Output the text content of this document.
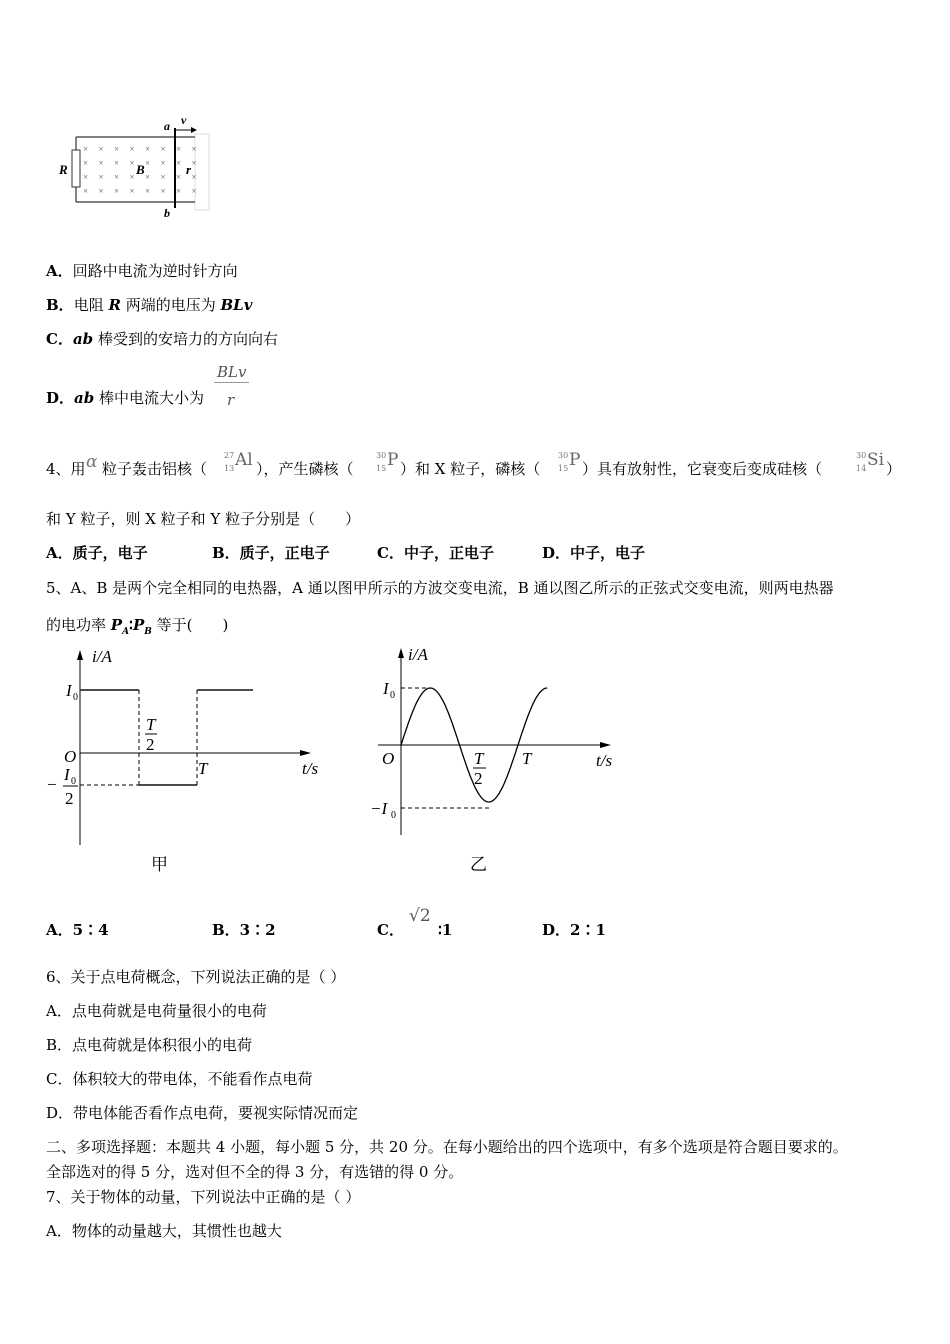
× × × × × × × ×
× × × × × × × ×
× × × × × × × ×
× × × × × × × ×
R	B	r
a
b
v
A．回路中电流为逆时针方向
B．电阻 R 两端的电压为 BLv
C．ab 棒受到的安培力的方向向右
D．ab 棒中电流大小为
BLv
r
4、用 α 粒子轰击铝核（
27
13 Al ），产生磷核（
30
15 P ）和 X 粒子，磷核（
30
15 P ）具有放射性，它衰变后变成硅核（
30
14 Si ）
和 Y 粒子，则 X 粒子和 Y 粒子分别是（　　）
A．质子，电子	B．质子，正电子	C．中子，正电子	D．中子，电子
5、A、B 是两个完全相同的电热器，A 通以图甲所示的方波交变电流，B 通以图乙所示的正弦式交变电流，则两电热器
的电功率 $P_A∶P_B$ 等于(　　)
i/A
I 0
O
T
2
T	t/s
−
I 0
2
甲
i/A
I 0
−I 0
O	T
2
T	t/s
乙
A．5∶4	B．3∶2	C．
√2
∶1	D．2∶1
6、关于点电荷概念，下列说法正确的是（ ）
A．点电荷就是电荷量很小的电荷
B．点电荷就是体积很小的电荷
C．体积较大的带电体，不能看作点电荷
D．带电体能否看作点电荷，要视实际情况而定
二、多项选择题：本题共 4 小题，每小题 5 分，共 20 分。在每小题给出的四个选项中，有多个选项是符合题目要求的。
全部选对的得 5 分，选对但不全的得 3 分，有选错的得 0 分。
7、关于物体的动量，下列说法中正确的是（ ）
A．物体的动量越大，其惯性也越大
